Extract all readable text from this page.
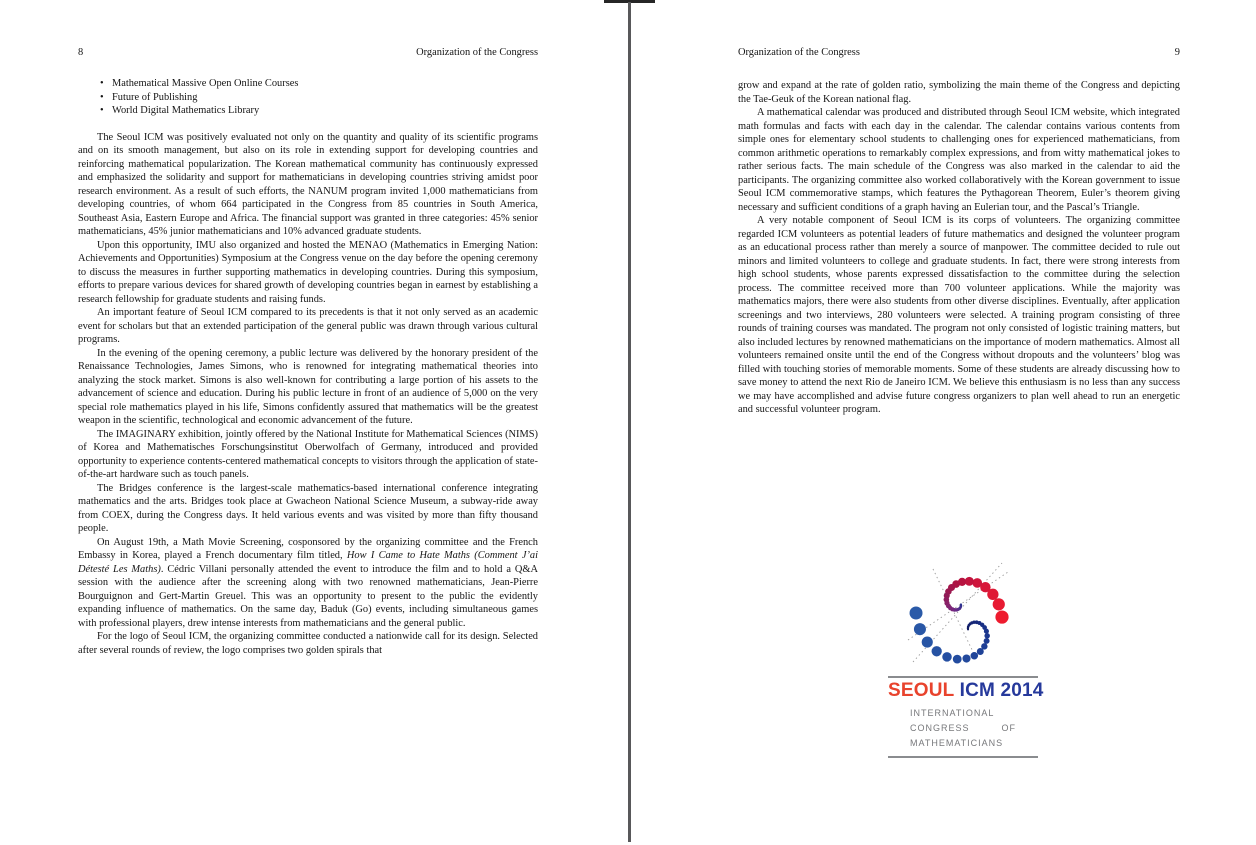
8	Organization of the Congress
• Mathematical Massive Open Online Courses
• Future of Publishing
• World Digital Mathematics Library

The Seoul ICM was positively evaluated not only on the quantity and quality of its scientific programs and on its smooth management, but also on its role in extending support for developing countries and reinforcing mathematical popularization. The Korean mathematical community has continuously expressed and emphasized the solidarity and support for mathematicians in developing countries striving amidst poor research environment. As a result of such efforts, the NANUM program invited 1,000 mathematicians from developing countries, of whom 664 participated in the Congress from 85 countries in South America, Southeast Asia, Eastern Europe and Africa. The financial support was granted in three categories: 45% senior mathematicians, 45% junior mathematicians and 10% advanced graduate students.

Upon this opportunity, IMU also organized and hosted the MENAO (Mathematics in Emerging Nation: Achievements and Opportunities) Symposium at the Congress venue on the day before the opening ceremony to discuss the measures in further supporting mathematics in developing countries. During this symposium, efforts to prepare various devices for shared growth of developing countries began in earnest by establishing a research fellowship for graduate students and raising funds.

An important feature of Seoul ICM compared to its precedents is that it not only served as an academic event for scholars but that an extended participation of the general public was drawn through various cultural programs.

In the evening of the opening ceremony, a public lecture was delivered by the honorary president of the Renaissance Technologies, James Simons, who is renowned for integrating mathematical theories into analyzing the stock market. Simons is also well-known for contributing a large portion of his assets to the advancement of science and education. During his public lecture in front of an audience of 5,000 on the very special role mathematics played in his life, Simons confidently assured that mathematics will be the greatest weapon in the scientific, technological and economic advancement of the future.

The IMAGINARY exhibition, jointly offered by the National Institute for Mathematical Sciences (NIMS) of Korea and Mathematisches Forschungsinstitut Oberwolfach of Germany, introduced and provided opportunity to experience contents-centered mathematical concepts to visitors through the application of state-of-the-art hardware such as touch panels.

The Bridges conference is the largest-scale mathematics-based international conference integrating mathematics and the arts. Bridges took place at Gwacheon National Science Museum, a subway-ride away from COEX, during the Congress days. It held various events and was visited by more than fifty thousand people.

On August 19th, a Math Movie Screening, cosponsored by the organizing committee and the French Embassy in Korea, played a French documentary film titled, How I Came to Hate Maths (Comment J’ai Détesté Les Maths). Cédric Villani personally attended the event to introduce the film and to hold a Q&A session with the audience after the screening along with two renowned mathematicians, Jean-Pierre Bourguignon and Gert-Martin Greuel. This was an opportunity to present to the public the evidently expanding influence of mathematics. On the same day, Baduk (Go) events, including simultaneous games with professional players, drew intense interests from mathematicians and the general public.

For the logo of Seoul ICM, the organizing committee conducted a nationwide call for its design. Selected after several rounds of review, the logo comprises two golden spirals that

Organization of the Congress	9

grow and expand at the rate of golden ratio, symbolizing the main theme of the Congress and depicting the Tae-Geuk of the Korean national flag.

A mathematical calendar was produced and distributed through Seoul ICM website, which integrated math formulas and facts with each day in the calendar. The calendar contains various contents from simple ones for elementary school students to challenging ones for experienced mathematicians, from common arithmetic operations to remarkably complex expressions, and from witty mathematical jokes to rather serious facts. The main schedule of the Congress was also marked in the calendar to aid the participants. The organizing committee also worked collaboratively with the Korean government to issue Seoul ICM commemorative stamps, which features the Pythagorean Theorem, Euler’s theorem giving necessary and sufficient conditions of a graph having an Eulerian tour, and the Pascal’s Triangle.

A very notable component of Seoul ICM is its corps of volunteers. The organizing committee regarded ICM volunteers as potential leaders of future mathematics and designed the volunteer program as an educational process rather than merely a source of manpower. The committee decided to rule out minors and limited volunteers to college and graduate students. In fact, there were strong interests from high school students, whose parents expressed dissatisfaction to the committee during the selection process. The committee received more than 700 volunteer applications. While the majority was mathematics majors, there were also students from other diverse disciplines. Eventually, after application screenings and two interviews, 280 volunteers were selected. A training program consisting of three rounds of training courses was mandated. The program not only consisted of logistic training matters, but also included lectures by renowned mathematicians on the importance of modern mathematics. Almost all volunteers remained onsite until the end of the Congress without dropouts and the volunteers’ blog was filled with touching stories of memorable moments. Some of these students are already discussing how to save money to attend the next Rio de Janeiro ICM. We believe this enthusiasm is no less than any success we may have accomplished and advise future congress organizers to plan well ahead to run an energetic and successful volunteer program.

SEOUL ICM 2014
INTERNATIONAL
CONGRESS OF
MATHEMATICIANS
